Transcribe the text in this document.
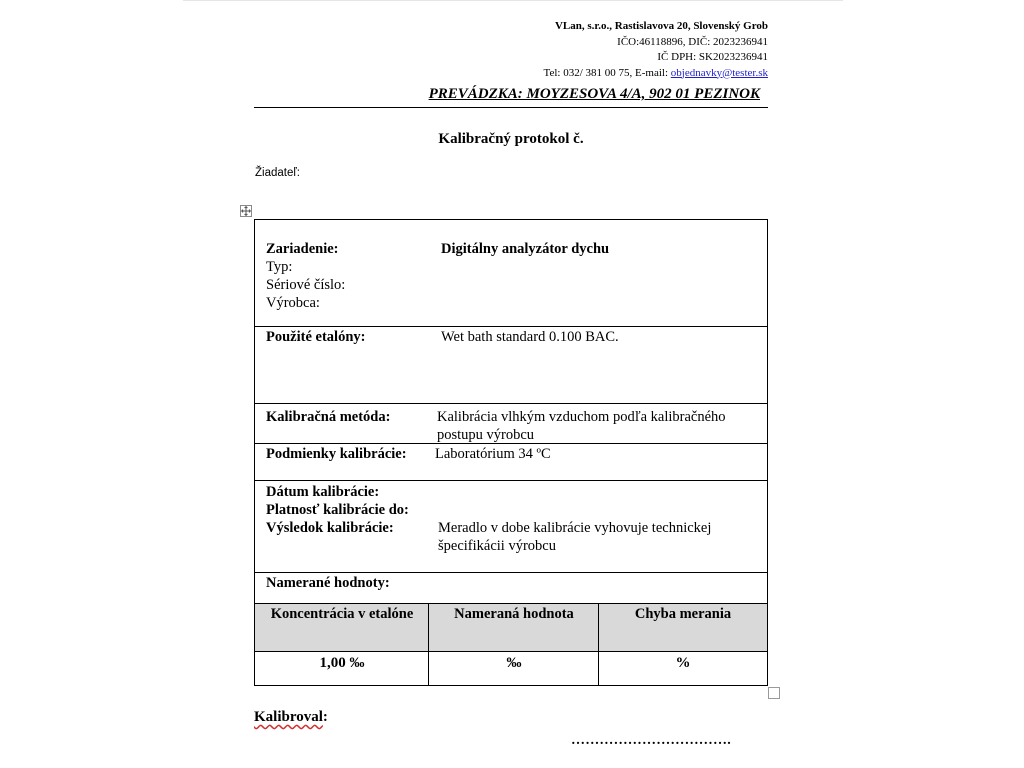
VLan, s.r.o., Rastislavova 20, Slovenský Grob
IČO:46118896, DIČ: 2023236941
IČ DPH: SK2023236941
Tel: 032/ 381 00 75, E-mail: objednavky@tester.sk
PREVÁDZKA: MOYZESOVA 4/A, 902 01 PEZINOK
Kalibračný protokol č.
Žiadateľ:
Zariadenie:	Digitálny analyzátor dychu
Typ:
Sériové číslo:
Výrobca:
Použité etalóny:	Wet bath standard 0.100 BAC.
Kalibračná metóda:	Kalibrácia vlhkým vzduchom podľa kalibračného postupu výrobcu
Podmienky kalibrácie: Laboratórium 34 ºC
Dátum kalibrácie:
Platnosť kalibrácie do:
Výsledok kalibrácie:	Meradlo v dobe kalibrácie vyhovuje technickej špecifikácii výrobcu
Namerané hodnoty:
Koncentrácia v etalóne	Nameraná hodnota	Chyba merania
1,00 ‰	‰	%
Kalibroval:
…………………………….
